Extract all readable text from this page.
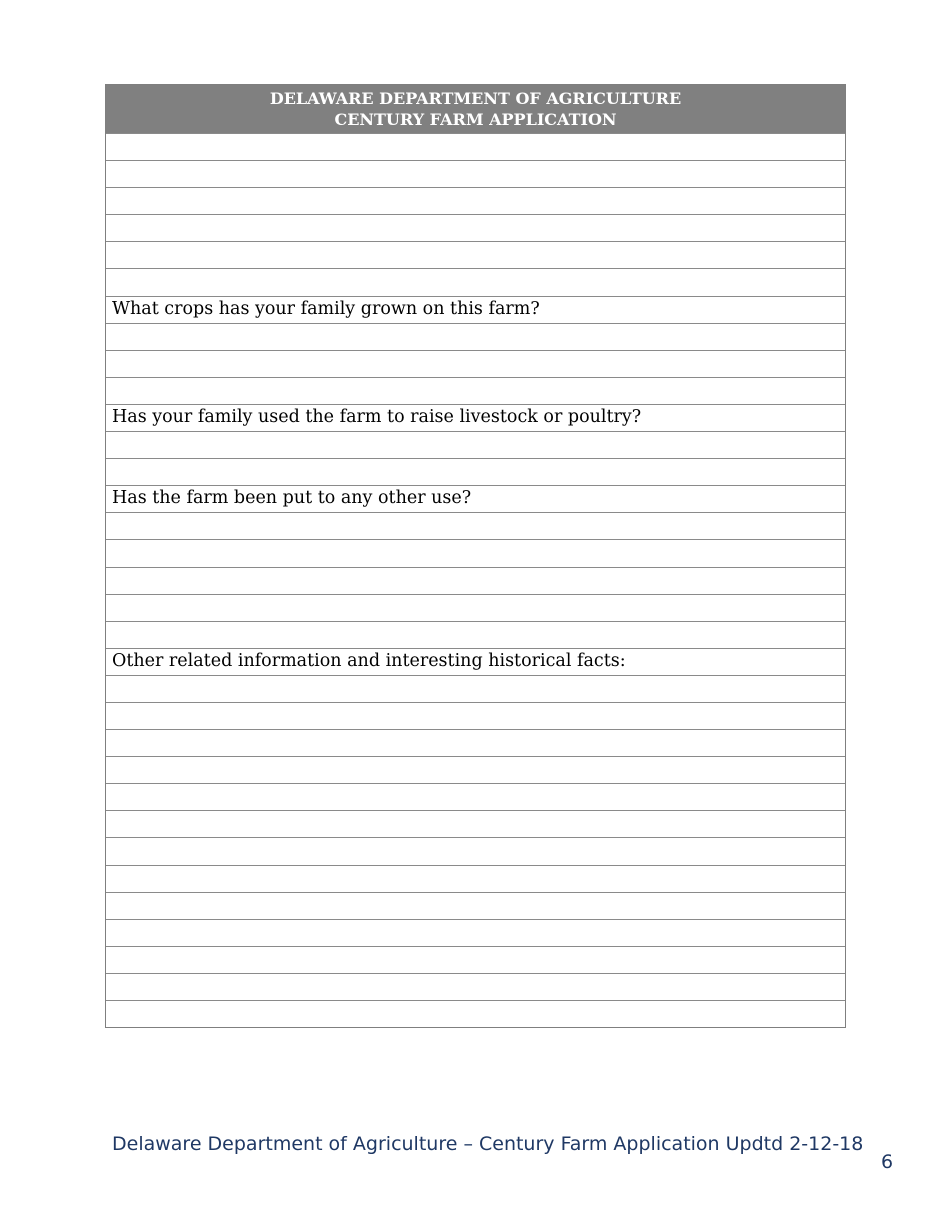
DELAWARE DEPARTMENT OF AGRICULTURE
CENTURY FARM APPLICATION
What crops has your family grown on this farm?
Has your family used the farm to raise livestock or poultry?
Has the farm been put to any other use?
Other related information and interesting historical facts:
Delaware Department of Agriculture – Century Farm Application Updtd 2-12-18
6
